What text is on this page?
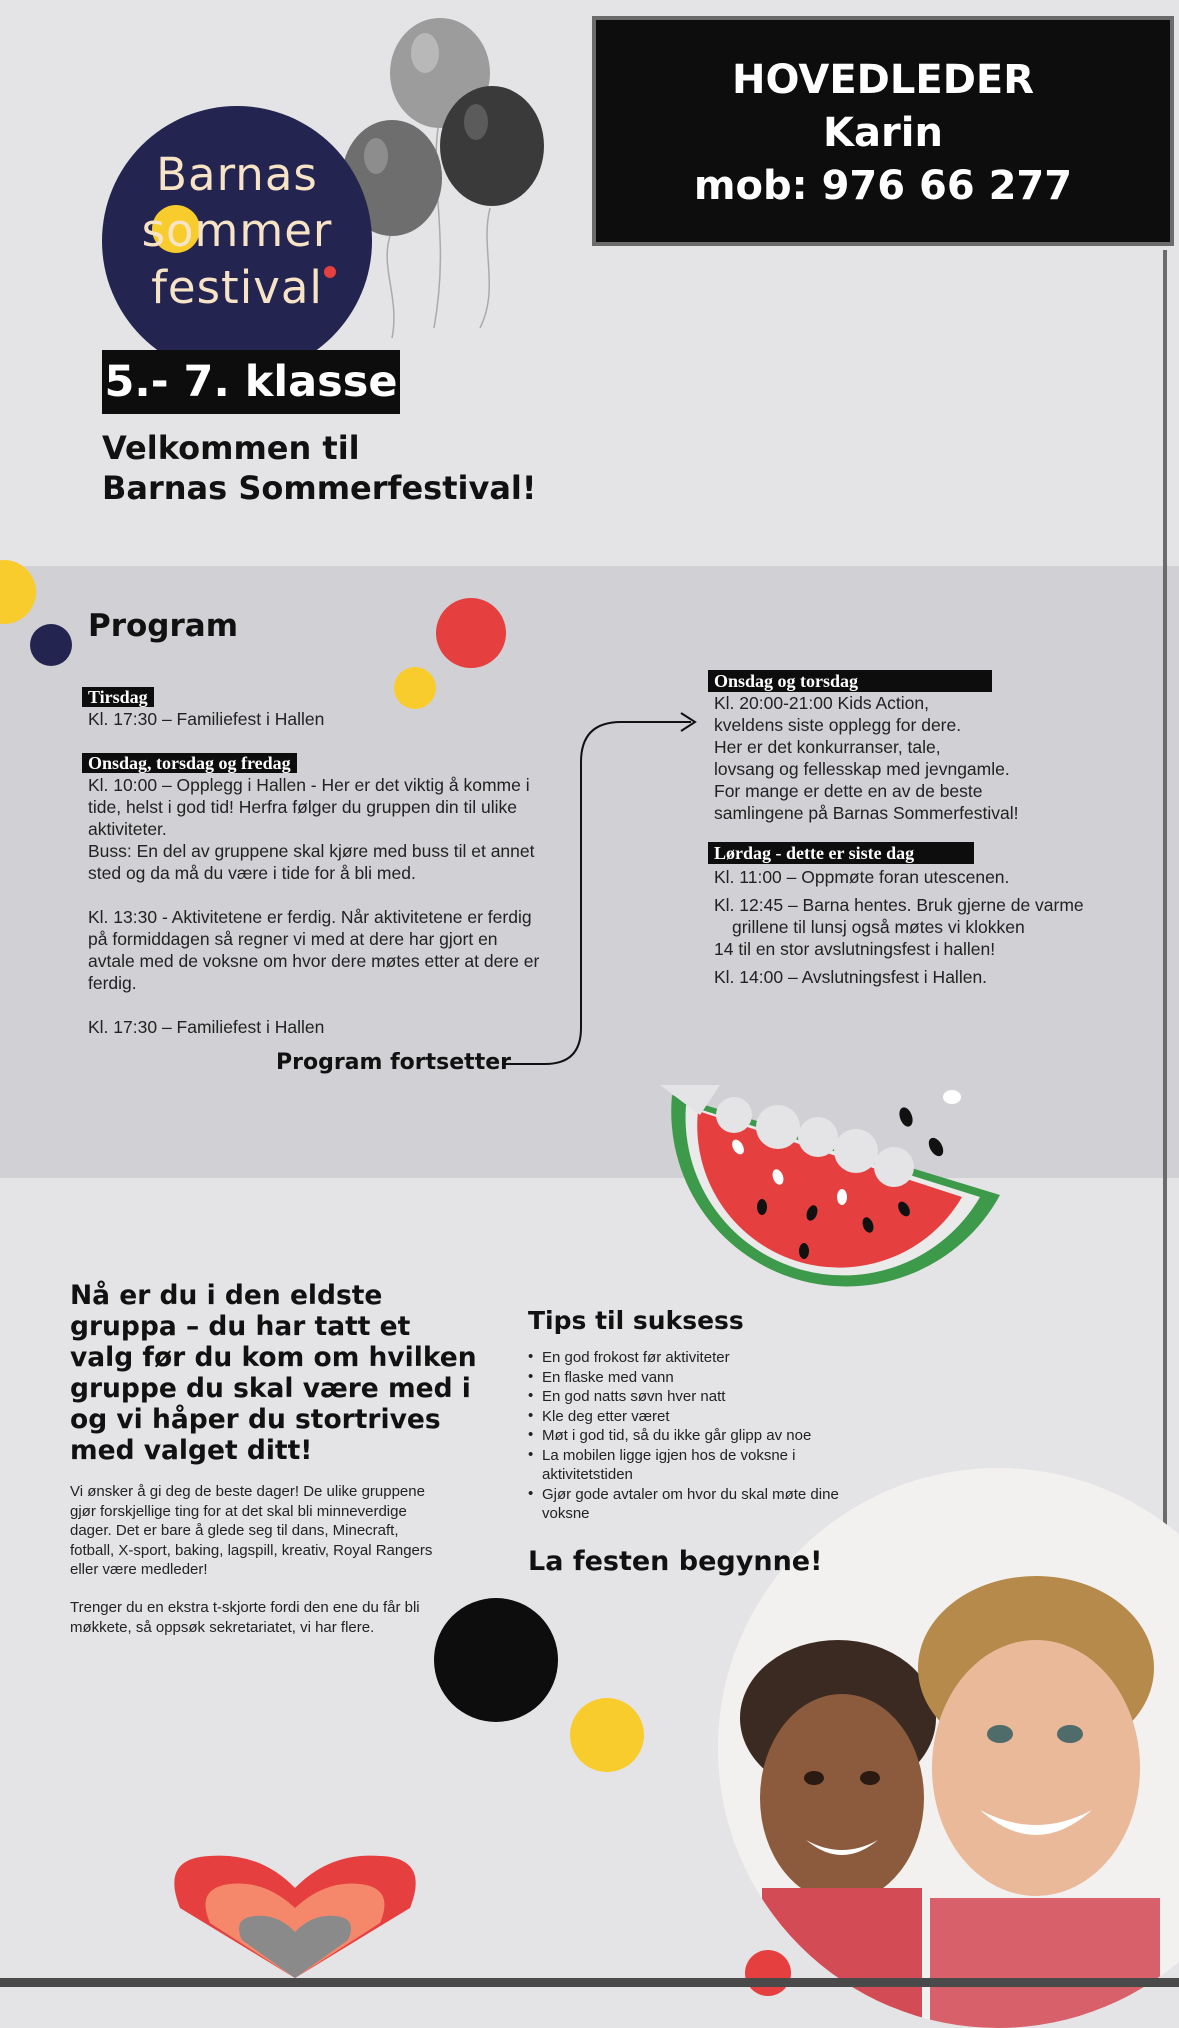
Barnas
sommer
festival
5.- 7. klasse
Velkommen til
Barnas Sommerfestival!
HOVEDLEDER
Karin
mob: 976 66 277
Program
Tirsdag
Kl. 17:30 – Familiefest i Hallen
Onsdag, torsdag og fredag
Kl. 10:00 – Opplegg i Hallen - Her er det viktig å komme i
tide, helst i god tid! Herfra følger du gruppen din til ulike
aktiviteter.
Buss: En del av gruppene skal kjøre med buss til et annet
sted og da må du være i tide for å bli med.
Kl. 13:30 - Aktivitetene er ferdig. Når aktivitetene er ferdig
på formiddagen så regner vi med at dere har gjort en
avtale med de voksne om hvor dere møtes etter at dere er
ferdig.
Kl. 17:30 – Familiefest i Hallen
Program fortsetter
Onsdag og torsdag
Kl. 20:00-21:00 Kids Action,
kveldens siste opplegg for dere.
Her er det konkurranser, tale,
lovsang og fellesskap med jevngamle.
For mange er dette en av de beste
samlingene på Barnas Sommerfestival!
Lørdag - dette er siste dag
Kl. 11:00 – Oppmøte foran utescenen.
Kl. 12:45 – Barna hentes. Bruk gjerne de varme
grillene til lunsj også møtes vi klokken
14 til en stor avslutningsfest i hallen!
Kl. 14:00 – Avslutningsfest i Hallen.
Nå er du i den eldste gruppa – du har tatt et valg før du kom om hvilken gruppe du skal være med i og vi håper du stortrives med valget ditt!
Vi ønsker å gi deg de beste dager! De ulike gruppene gjør forskjellige ting for at det skal bli minneverdige dager. Det er bare å glede seg til dans, Minecraft, fotball, X-sport, baking, lagspill, kreativ, Royal Rangers eller være medleder!
Trenger du en ekstra t-skjorte fordi den ene du får bli møkkete, så oppsøk sekretariatet, vi har flere.
Tips til suksess
• En god frokost før aktiviteter
• En flaske med vann
• En god natts søvn hver natt
• Kle deg etter været
• Møt i god tid, så du ikke går glipp av noe
• La mobilen ligge igjen hos de voksne i aktivitetstiden
• Gjør gode avtaler om hvor du skal møte dine voksne
La festen begynne!
